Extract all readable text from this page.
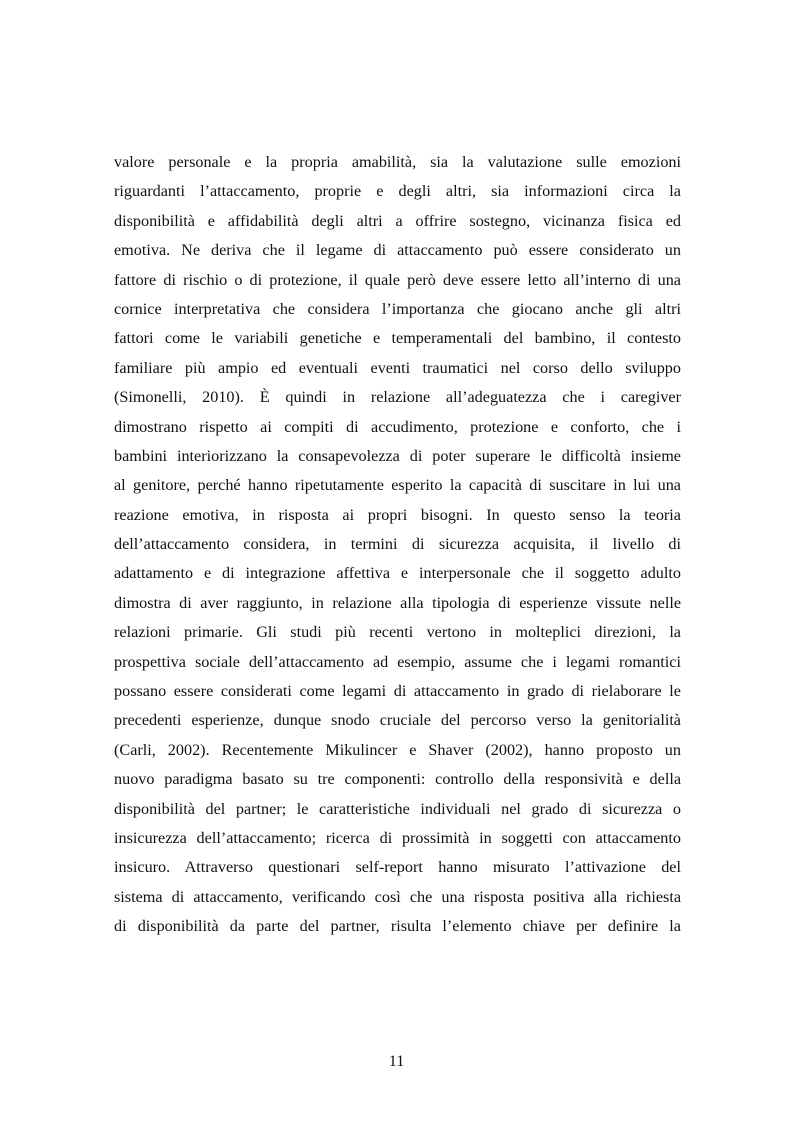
valore personale e la propria amabilità, sia la valutazione sulle emozioni
riguardanti l’attaccamento, proprie e degli altri, sia informazioni circa la
disponibilità e affidabilità degli altri a offrire sostegno, vicinanza fisica ed
emotiva. Ne deriva che il legame di attaccamento può essere considerato un
fattore di rischio o di protezione, il quale però deve essere letto all’interno di una
cornice interpretativa che considera l’importanza che giocano anche gli altri
fattori come le variabili genetiche e temperamentali del bambino, il contesto
familiare più ampio ed eventuali eventi traumatici nel corso dello sviluppo
(Simonelli, 2010). È quindi in relazione all’adeguatezza che i caregiver
dimostrano rispetto ai compiti di accudimento, protezione e conforto, che i
bambini interiorizzano la consapevolezza di poter superare le difficoltà insieme
al genitore, perché hanno ripetutamente esperito la capacità di suscitare in lui una
reazione emotiva, in risposta ai propri bisogni. In questo senso la teoria
dell’attaccamento considera, in termini di sicurezza acquisita, il livello di
adattamento e di integrazione affettiva e interpersonale che il soggetto adulto
dimostra di aver raggiunto, in relazione alla tipologia di esperienze vissute nelle
relazioni primarie. Gli studi più recenti vertono in molteplici direzioni, la
prospettiva sociale dell’attaccamento ad esempio, assume che i legami romantici
possano essere considerati come legami di attaccamento in grado di rielaborare le
precedenti esperienze, dunque snodo cruciale del percorso verso la genitorialità
(Carli, 2002). Recentemente Mikulincer e Shaver (2002), hanno proposto un
nuovo paradigma basato su tre componenti: controllo della responsività e della
disponibilità del partner; le caratteristiche individuali nel grado di sicurezza o
insicurezza dell’attaccamento; ricerca di prossimità in soggetti con attaccamento
insicuro. Attraverso questionari self-report hanno misurato l’attivazione del
sistema di attaccamento, verificando così che una risposta positiva alla richiesta
di disponibilità da parte del partner, risulta l’elemento chiave per definire la
11
